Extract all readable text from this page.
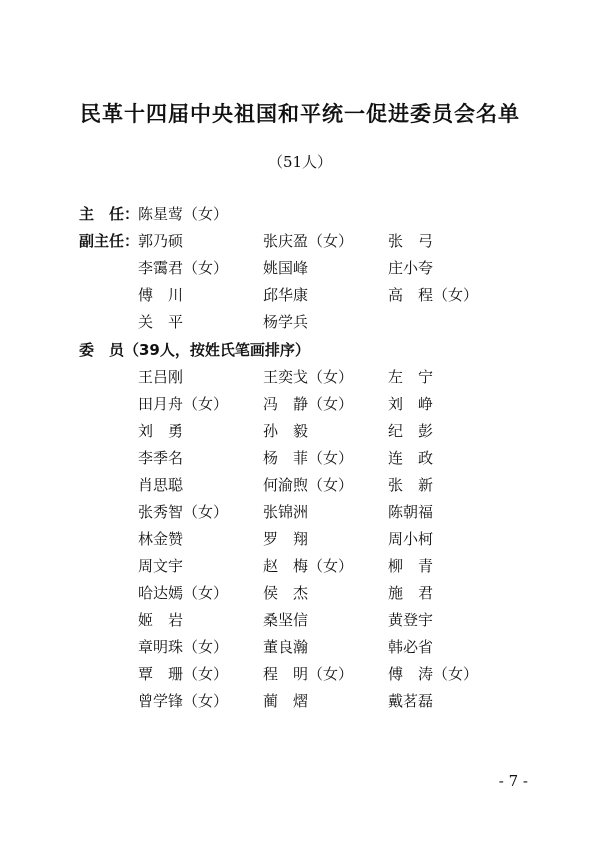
民革十四届中央祖国和平统一促进委员会名单
（51人）
主　任：
陈星莺（女）
副主任：
郭乃硕	张庆盈（女） 张　弓
李霭君（女） 姚国峰	庄小夸
傅　川	邱华康	高　程（女）
关　平	杨学兵
委　员（39人，按姓氏笔画排序）
王吕刚	王奕戈（女） 左　宁
田月舟（女） 冯　静（女） 刘　峥
刘　勇	孙　毅	纪　彭
李季名	杨　菲（女） 连　政
肖思聪	何渝煦（女） 张　新
张秀智（女） 张锦洲	陈朝福
林金赞	罗　翔	周小柯
周文宇	赵　梅（女） 柳　青
哈达嫣（女） 侯　杰	施　君
姬　岩	桑坚信	黄登宇
章明珠（女） 董良瀚	韩必省
覃　珊（女） 程　明（女） 傅　涛（女）
曾学锋（女） 蔺　熠	戴茗磊
- 7 -
